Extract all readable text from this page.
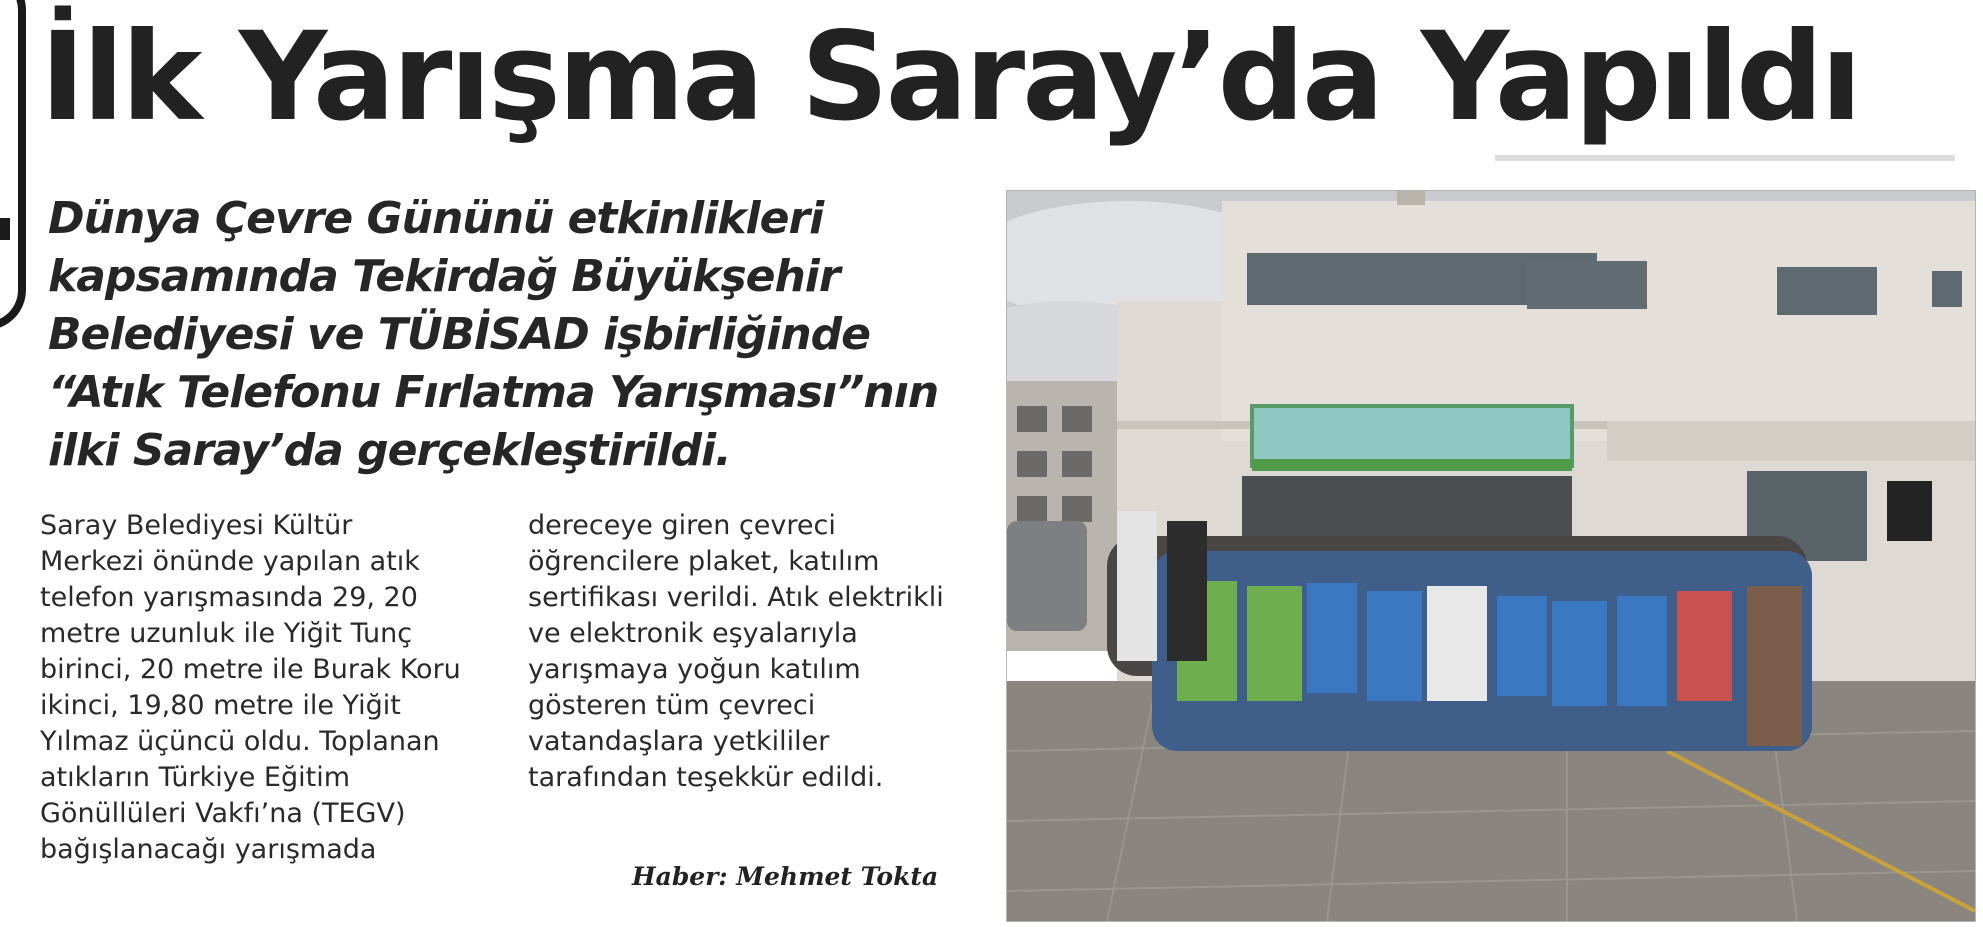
İlk Yarışma Saray’da Yapıldı
Dünya Çevre Gününü etkinlikleri
kapsamında Tekirdağ Büyükşehir
Belediyesi ve TÜBİSAD işbirliğinde
“Atık Telefonu Fırlatma Yarışması”nın
ilki Saray’da gerçekleştirildi.
Saray Belediyesi Kültür
Merkezi önünde yapılan atık
telefon yarışmasında 29, 20
metre uzunluk ile Yiğit Tunç
birinci, 20 metre ile Burak Koru
ikinci, 19,80 metre ile Yiğit
Yılmaz üçüncü oldu. Toplanan
atıkların Türkiye Eğitim
Gönüllüleri Vakfı’na (TEGV)
bağışlanacağı yarışmada
dereceye giren çevreci
öğrencilere plaket, katılım
sertifikası verildi. Atık elektrikli
ve elektronik eşyalarıyla
yarışmaya yoğun katılım
gösteren tüm çevreci
vatandaşlara yetkililer
tarafından teşekkür edildi.
Haber: Mehmet Tokta
